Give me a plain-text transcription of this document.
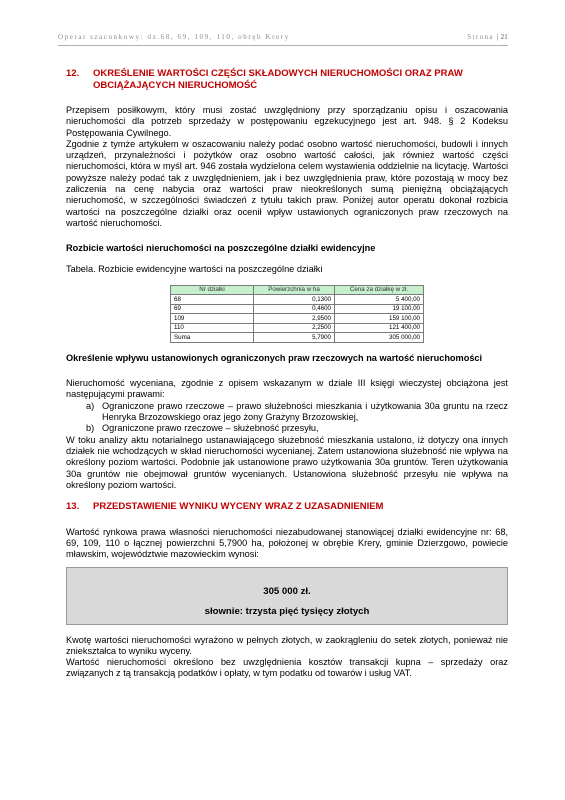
Operat szacunkowy: dz.68, 69, 109, 110, obręb Krery	Strona | 21
12.	OKREŚLENIE WARTOŚCI CZĘŚCI SKŁADOWYCH NIERUCHOMOŚCI ORAZ PRAW OBCIĄŻAJĄCYCH NIERUCHOMOŚĆ

Przepisem posiłkowym, który musi zostać uwzględniony przy sporządzaniu opisu i oszacowania nieruchomości dla potrzeb sprzedaży w postępowaniu egzekucyjnego jest art. 948. § 2 Kodeksu Postępowania Cywilnego.

Zgodnie z tymże artykułem w oszacowaniu należy podać osobno wartość nieruchomości, budowli i innych urządzeń, przynależności i pożytków oraz osobno wartość całości, jak również wartość części nieruchomości, która w myśl art. 946 została wydzielona celem wystawienia oddzielnie na licytację. Wartości powyższe należy podać tak z uwzględnieniem, jak i bez uwzględnienia praw, które pozostają w mocy bez zaliczenia na cenę nabycia oraz wartości praw nieokreślonych sumą pieniężną obciążających nieruchomość, w szczególności świadczeń z tytułu takich praw. Poniżej autor operatu dokonał rozbicia wartości na poszczególne działki oraz ocenił wpływ ustawionych ograniczonych praw rzeczowych na wartość nieruchomości.

Rozbicie wartości nieruchomości na poszczególne działki ewidencyjne
Tabela. Rozbicie ewidencyjne wartości na poszczególne działki
Nr działki	Powierzchnia w ha	Cena za działkę w zł.
68	0,1300	5 400,00
69	0,4600	19 100,00
109	2,9500	159 100,00
110	2,2500	121 400,00
Suma	5,7900	305 000,00
Określenie wpływu ustanowionych ograniczonych praw rzeczowych na wartość nieruchomości

Nieruchomość wyceniana, zgodnie z opisem wskazanym w dziale III księgi wieczystej obciążona jest następującymi prawami:

a) Ograniczone prawo rzeczowe – prawo służebności mieszkania i użytkowania 30a gruntu na rzecz Henryka Brzozowskiego oraz jego żony Grażyny Brzozowskiej,
b) Ograniczone prawo rzeczowe – służebność przesyłu,

W toku analizy aktu notarialnego ustanawiającego służebność mieszkania ustalono, iż dotyczy ona innych działek nie wchodzących w skład nieruchomości wycenianej. Zatem ustanowiona służebność nie wpływa na określony poziom wartości. Podobnie jak ustanowione prawo użytkowania 30a gruntów. Teren użytkowania 30a gruntów nie obejmował gruntów wycenianych. Ustanowiona służebność przesyłu nie wpływa na określony poziom wartości.

13.	PRZEDSTAWIENIE WYNIKU WYCENY WRAZ Z UZASADNIENIEM

Wartość rynkowa prawa własności nieruchomości niezabudowanej stanowiącej działki ewidencyjne nr: 68, 69, 109, 110 o łącznej powierzchni 5,7900 ha, położonej w obrębie Krery, gminie Dzierzgowo, powiecie mławskim, województwie mazowieckim wynosi:

305 000 zł.
słownie: trzysta pięć tysięcy złotych

Kwotę wartości nieruchomości wyrażono w pełnych złotych, w zaokrągleniu do setek złotych, ponieważ nie zniekształca to wyniku wyceny.

Wartość nieruchomości określono bez uwzględnienia kosztów transakcji kupna – sprzedaży oraz związanych z tą transakcją podatków i opłaty, w tym podatku od towarów i usług VAT.
